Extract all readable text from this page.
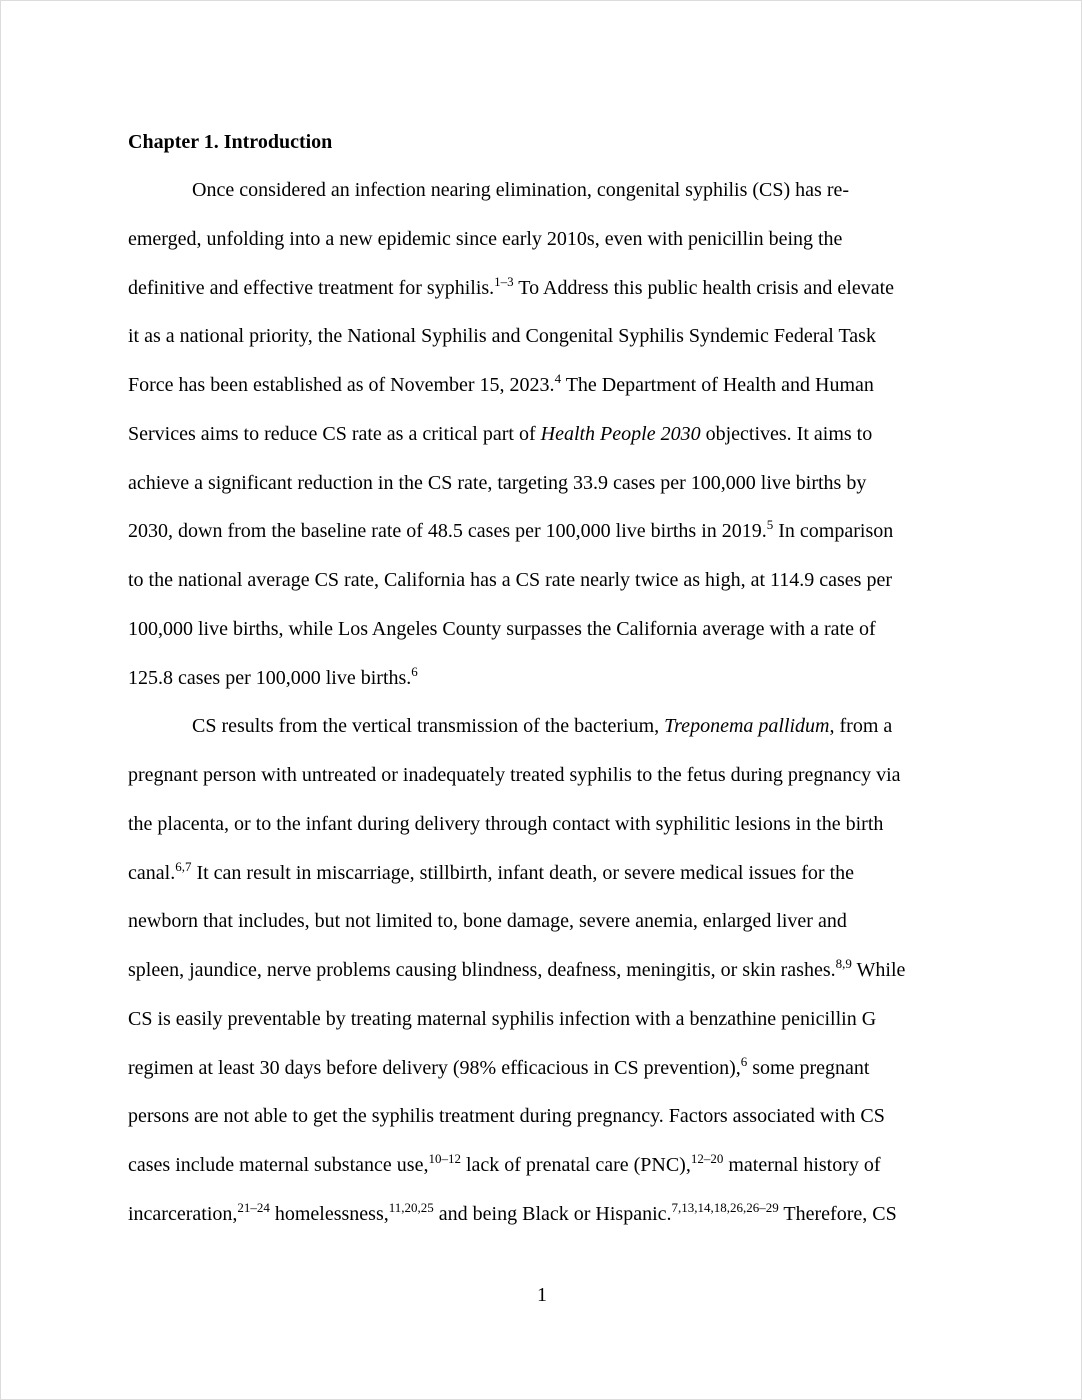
Chapter 1. Introduction
Once considered an infection nearing elimination, congenital syphilis (CS) has re-
emerged, unfolding into a new epidemic since early 2010s, even with penicillin being the
definitive and effective treatment for syphilis.$^{1-3}$ To Address this public health crisis and elevate
it as a national priority, the National Syphilis and Congenital Syphilis Syndemic Federal Task
Force has been established as of November 15, 2023.$^4$ The Department of Health and Human
Services aims to reduce CS rate as a critical part of Health People 2030 objectives. It aims to
achieve a significant reduction in the CS rate, targeting 33.9 cases per 100,000 live births by
2030, down from the baseline rate of 48.5 cases per 100,000 live births in 2019.$^5$ In comparison
to the national average CS rate, California has a CS rate nearly twice as high, at 114.9 cases per
100,000 live births, while Los Angeles County surpasses the California average with a rate of
125.8 cases per 100,000 live births.$^6$
CS results from the vertical transmission of the bacterium, Treponema pallidum, from a
pregnant person with untreated or inadequately treated syphilis to the fetus during pregnancy via
the placenta, or to the infant during delivery through contact with syphilitic lesions in the birth
canal.$^{6,7}$ It can result in miscarriage, stillbirth, infant death, or severe medical issues for the
newborn that includes, but not limited to, bone damage, severe anemia, enlarged liver and
spleen, jaundice, nerve problems causing blindness, deafness, meningitis, or skin rashes.$^{8,9}$ While
CS is easily preventable by treating maternal syphilis infection with a benzathine penicillin G
regimen at least 30 days before delivery (98% efficacious in CS prevention),$^6$ some pregnant
persons are not able to get the syphilis treatment during pregnancy. Factors associated with CS
cases include maternal substance use,$^{10-12}$ lack of prenatal care (PNC),$^{12-20}$ maternal history of
incarceration,$^{21-24}$ homelessness,$^{11,20,25}$ and being Black or Hispanic.$^{7,13,14,18,26,26-29}$ Therefore, CS
1
